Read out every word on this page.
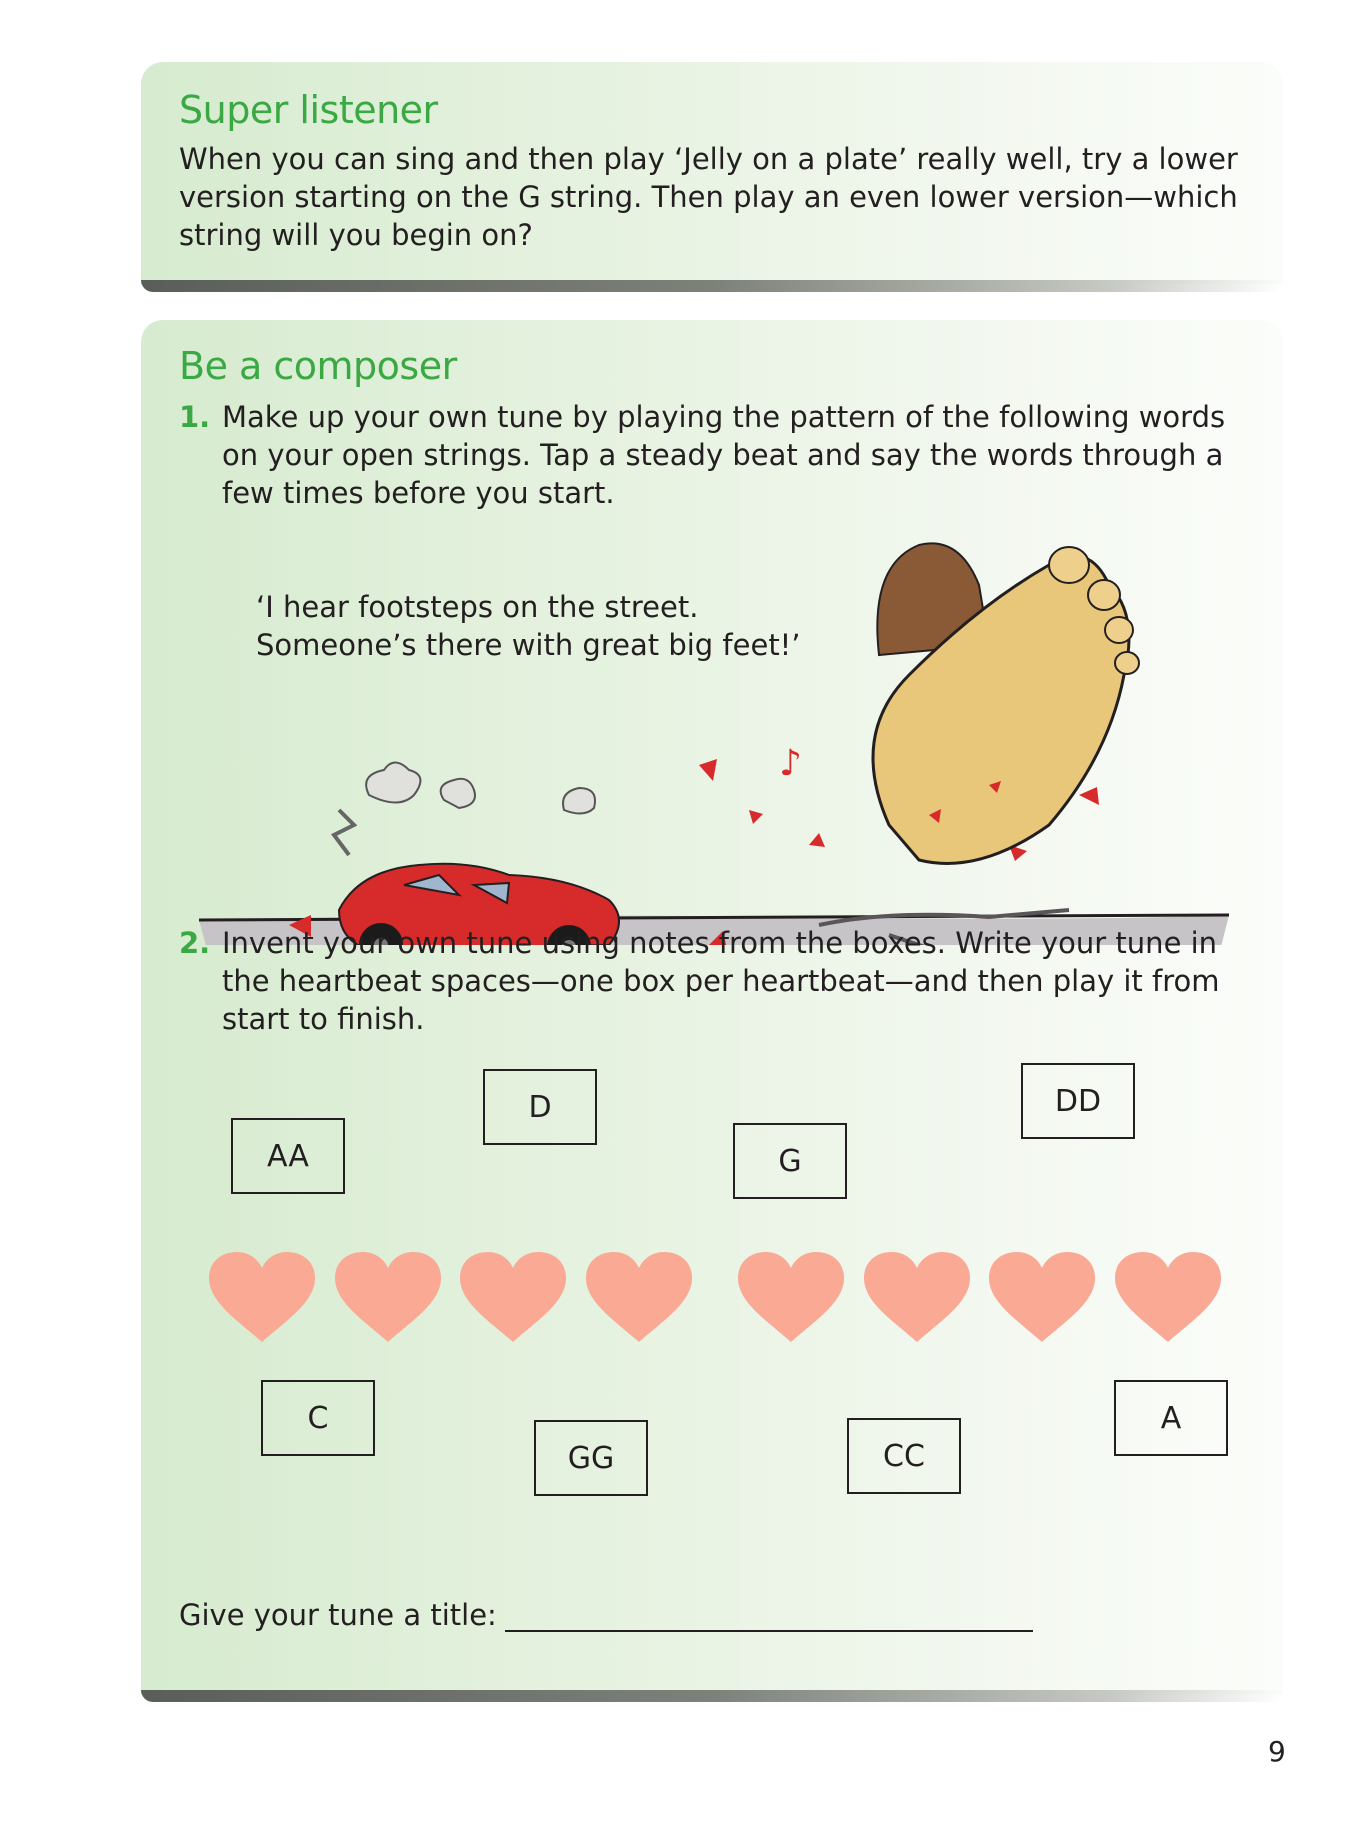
Super listener
When you can sing and then play ‘Jelly on a plate’ really well, try a lower version starting on the G string. Then play an even lower version—which string will you begin on?
Be a composer
1. Make up your own tune by playing the pattern of the following words on your open strings. Tap a steady beat and say the words through a few times before you start.
♪
‘I hear footsteps on the street.
Someone’s there with great big feet!’
2. Invent your own tune using notes from the boxes. Write your tune in the heartbeat spaces—one box per heartbeat—and then play it from start to finish.
AA
D
G
DD
C
GG	CC
A
Give your tune a title:
9
